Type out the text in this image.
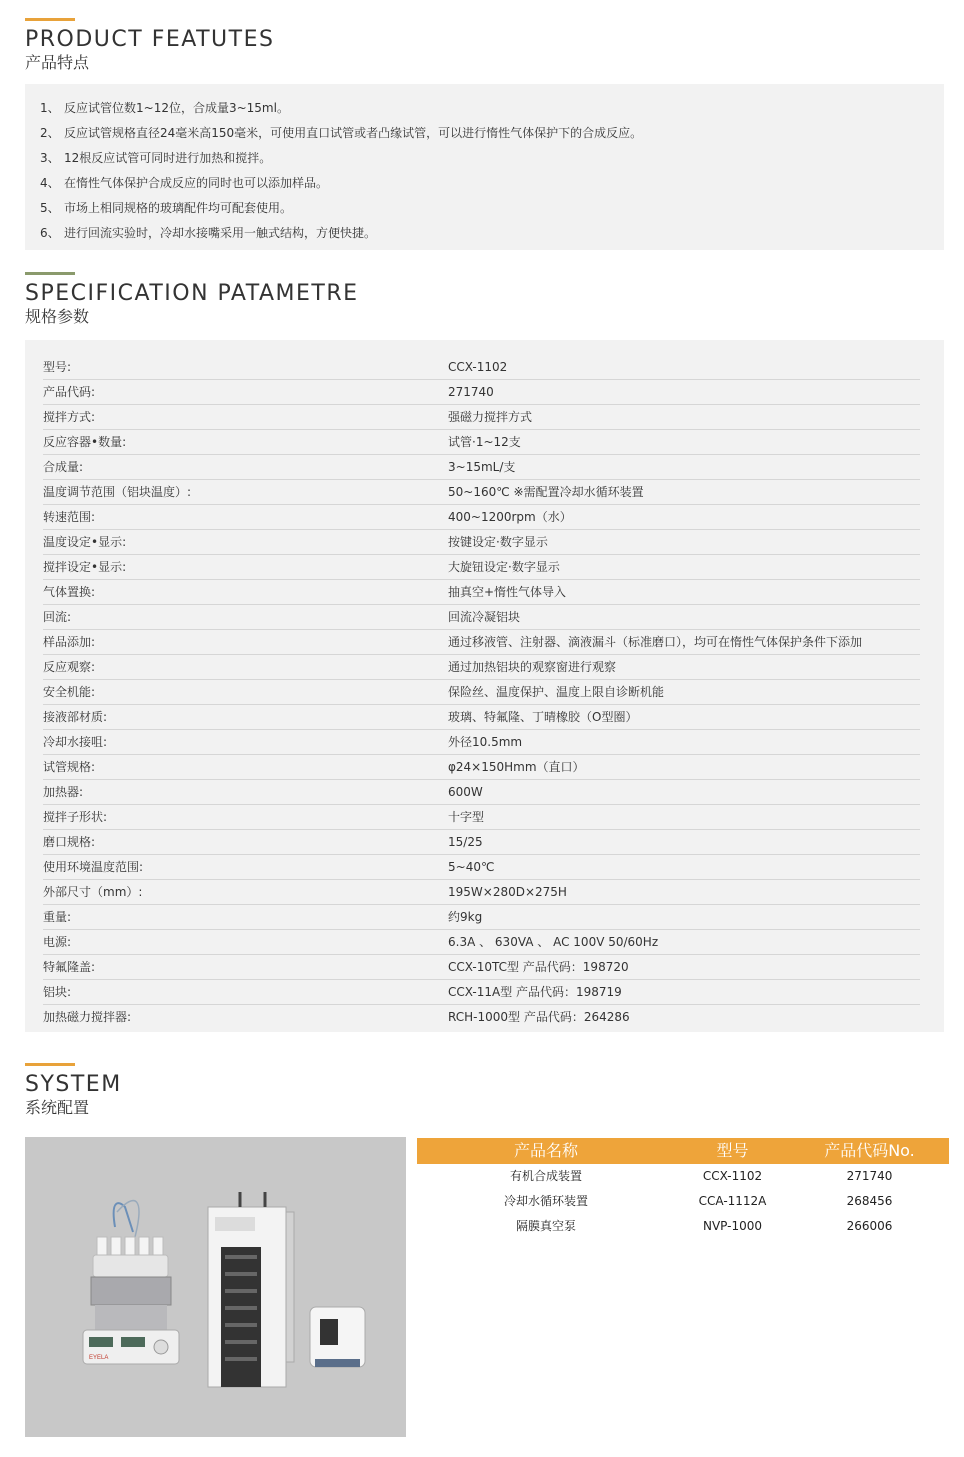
PRODUCT FEATUTES
产品特点
1、 反应试管位数1~12位，合成量3~15ml。
2、 反应试管规格直径24毫米高150毫米，可使用直口试管或者凸缘试管，可以进行惰性气体保护下的合成反应。
3、 12根反应试管可同时进行加热和搅拌。
4、 在惰性气体保护合成反应的同时也可以添加样品。
5、 市场上相同规格的玻璃配件均可配套使用。
6、 进行回流实验时，冷却水接嘴采用一触式结构，方便快捷。
SPECIFICATION PATAMETRE
规格参数
型号:	CCX-1102
产品代码:	271740
搅拌方式:	强磁力搅拌方式
反应容器•数量:	试管·1~12支
合成量:	3~15mL/支
温度调节范围（铝块温度）:	50~160℃ ※需配置冷却水循环装置
转速范围:	400~1200rpm（水）
温度设定•显示:	按键设定·数字显示
搅拌设定•显示:	大旋钮设定·数字显示
气体置换:	抽真空+惰性气体导入
回流:	回流冷凝铝块
样品添加:	通过移液管、注射器、滴液漏斗（标准磨口），均可在惰性气体保护条件下添加
反应观察:	通过加热铝块的观察窗进行观察
安全机能:	保险丝、温度保护、温度上限自诊断机能
接液部材质:	玻璃、特氟隆、丁晴橡胶（O型圈）
冷却水接咀:	外径10.5mm
试管规格:	φ24×150Hmm（直口）
加热器:	600W
搅拌子形状:	十字型
磨口规格:	15/25
使用环境温度范围:	5~40℃
外部尺寸（mm）:	195W×280D×275H
重量:	约9kg
电源:	6.3A 、 630VA 、 AC 100V 50/60Hz
特氟隆盖:	CCX-10TC型 产品代码：198720
铝块:	CCX-11A型 产品代码：198719
加热磁力搅拌器:	RCH-1000型 产品代码：264286
SYSTEM
系统配置
EYELA
产品名称	型号	产品代码No.
有机合成装置	CCX-1102	271740
冷却水循环装置	CCA-1112A	268456
隔膜真空泵	NVP-1000	266006
